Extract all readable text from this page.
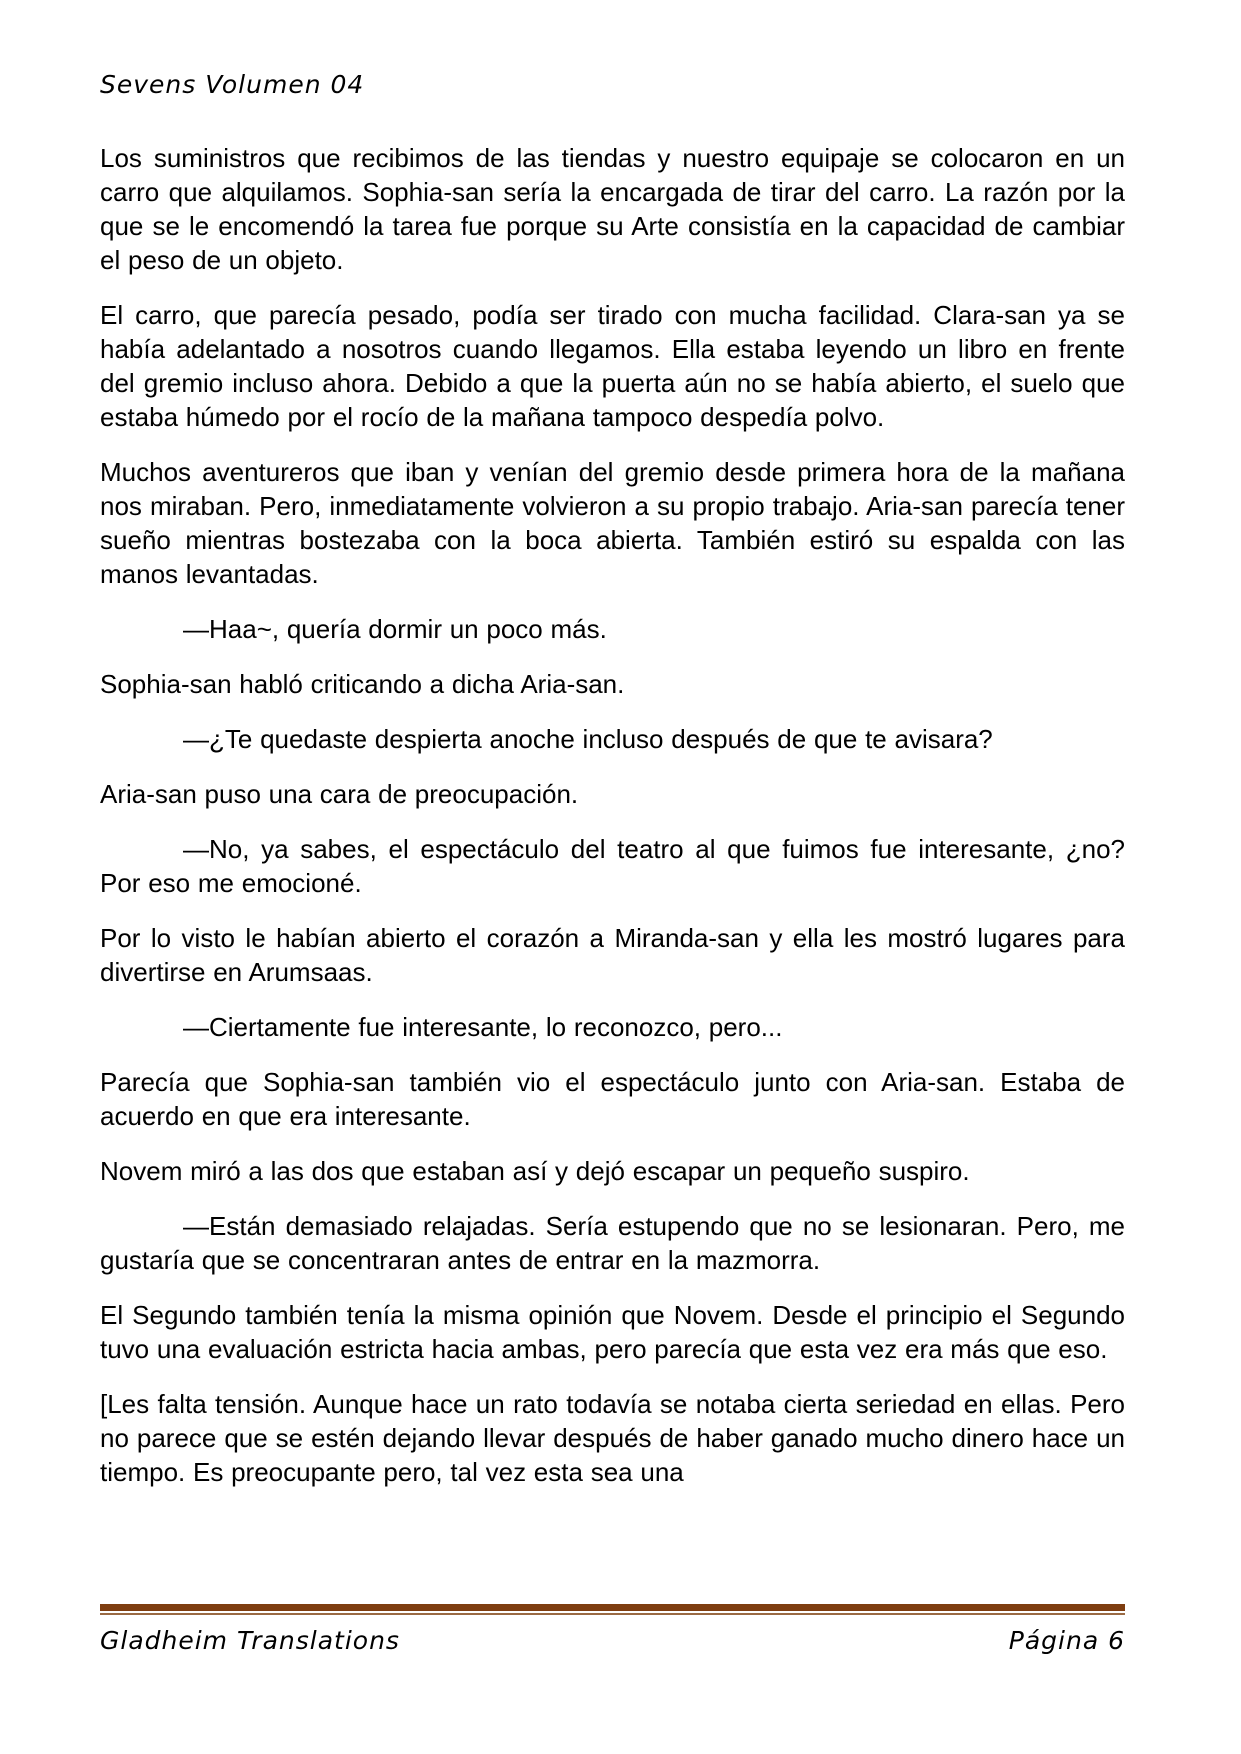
Sevens Volumen 04

Los suministros que recibimos de las tiendas y nuestro equipaje se colocaron en un carro que alquilamos. Sophia-san sería la encargada de tirar del carro. La razón por la que se le encomendó la tarea fue porque su Arte consistía en la capacidad de cambiar el peso de un objeto.

El carro, que parecía pesado, podía ser tirado con mucha facilidad. Clara-san ya se había adelantado a nosotros cuando llegamos. Ella estaba leyendo un libro en frente del gremio incluso ahora. Debido a que la puerta aún no se había abierto, el suelo que estaba húmedo por el rocío de la mañana tampoco despedía polvo.

Muchos aventureros que iban y venían del gremio desde primera hora de la mañana nos miraban. Pero, inmediatamente volvieron a su propio trabajo. Aria-san parecía tener sueño mientras bostezaba con la boca abierta. También estiró su espalda con las manos levantadas.

—Haa~, quería dormir un poco más.

Sophia-san habló criticando a dicha Aria-san.

—¿Te quedaste despierta anoche incluso después de que te avisara?

Aria-san puso una cara de preocupación.

—No, ya sabes, el espectáculo del teatro al que fuimos fue interesante, ¿no? Por eso me emocioné.

Por lo visto le habían abierto el corazón a Miranda-san y ella les mostró lugares para divertirse en Arumsaas.

—Ciertamente fue interesante, lo reconozco, pero...

Parecía que Sophia-san también vio el espectáculo junto con Aria-san. Estaba de acuerdo en que era interesante.

Novem miró a las dos que estaban así y dejó escapar un pequeño suspiro.

—Están demasiado relajadas. Sería estupendo que no se lesionaran. Pero, me gustaría que se concentraran antes de entrar en la mazmorra.

El Segundo también tenía la misma opinión que Novem. Desde el principio el Segundo tuvo una evaluación estricta hacia ambas, pero parecía que esta vez era más que eso.

[Les falta tensión. Aunque hace un rato todavía se notaba cierta seriedad en ellas. Pero no parece que se estén dejando llevar después de haber ganado mucho dinero hace un tiempo. Es preocupante pero, tal vez esta sea una

Gladheim Translations	Página 6
